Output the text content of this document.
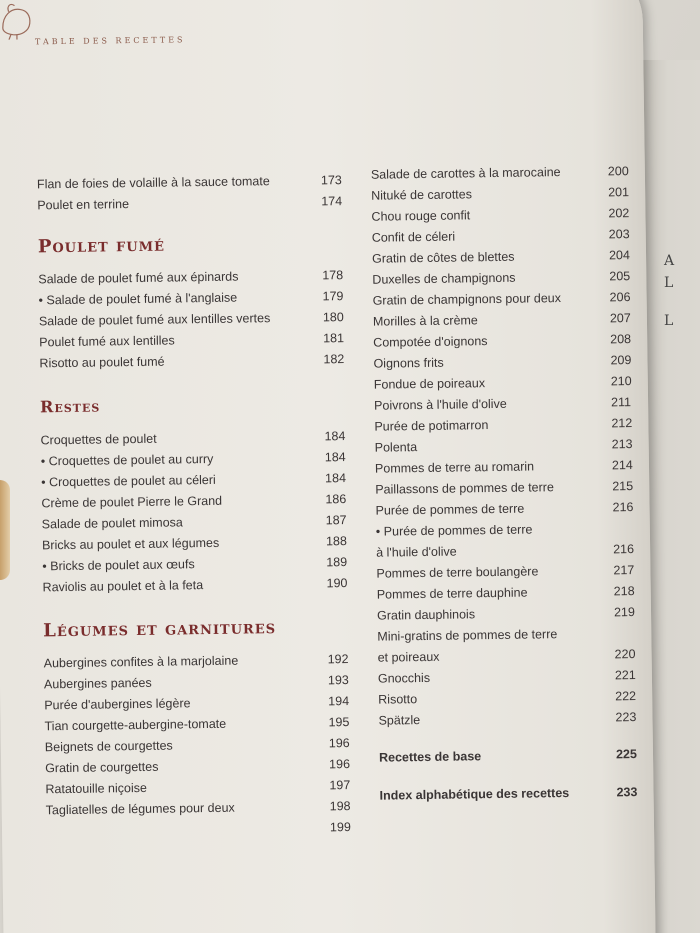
A
L
L
TABLE DES RECETTES
Flan de foies de volaille à la sauce tomate	173
Poulet en terrine	174
Poulet fumé
Salade de poulet fumé aux épinards	178
• Salade de poulet fumé à l'anglaise	179
Salade de poulet fumé aux lentilles vertes	180
Poulet fumé aux lentilles	181
Risotto au poulet fumé	182
Restes
Croquettes de poulet	184
• Croquettes de poulet au curry	184
• Croquettes de poulet au céleri	184
Crème de poulet Pierre le Grand	186
Salade de poulet mimosa	187
Bricks au poulet et aux légumes	188
• Bricks de poulet aux œufs	189
Raviolis au poulet et à la feta	190
Légumes et garnitures
Aubergines confites à la marjolaine	192
Aubergines panées	193
Purée d'aubergines légère	194
Tian courgette-aubergine-tomate	195
Beignets de courgettes	196
Gratin de courgettes	196
Ratatouille niçoise	197
Tagliatelles de légumes pour deux	198
199
Salade de carottes à la marocaine	200
Nituké de carottes	201
Chou rouge confit	202
Confit de céleri	203
Gratin de côtes de blettes	204
Duxelles de champignons	205
Gratin de champignons pour deux	206
Morilles à la crème	207
Compotée d'oignons	208
Oignons frits	209
Fondue de poireaux	210
Poivrons à l'huile d'olive	211
Purée de potimarron	212
Polenta	213
Pommes de terre au romarin	214
Paillassons de pommes de terre	215
Purée de pommes de terre	216
• Purée de pommes de terre
à l'huile d'olive	216
Pommes de terre boulangère	217
Pommes de terre dauphine	218
Gratin dauphinois	219
Mini-gratins de pommes de terre
et poireaux	220
Gnocchis	221
Risotto	222
Spätzle	223
Recettes de base	225
Index alphabétique des recettes	233
